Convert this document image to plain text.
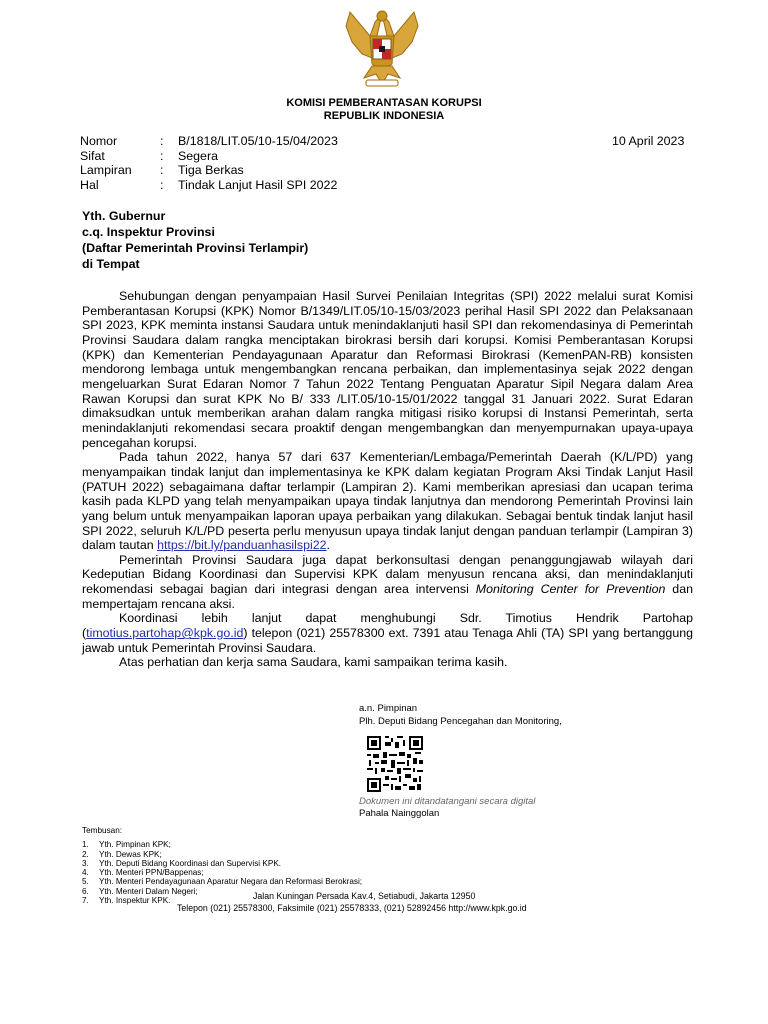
KOMISI PEMBERANTASAN KORUPSI
REPUBLIK INDONESIA
Nomor	:	B/1818/LIT.05/10-15/04/2023
Sifat	:	Segera
Lampiran	:	Tiga Berkas
Hal	:	Tindak Lanjut Hasil SPI 2022
10 April 2023
Yth. Gubernur
c.q. Inspektur Provinsi
(Daftar Pemerintah Provinsi Terlampir)
di Tempat

Sehubungan dengan penyampaian Hasil Survei Penilaian Integritas (SPI) 2022 melalui surat Komisi Pemberantasan Korupsi (KPK) Nomor B/1349/LIT.05/10-15/03/2023 perihal Hasil SPI 2022 dan Pelaksanaan SPI 2023, KPK meminta instansi Saudara untuk menindaklanjuti hasil SPI dan rekomendasinya di Pemerintah Provinsi Saudara dalam rangka menciptakan birokrasi bersih dari korupsi. Komisi Pemberantasan Korupsi (KPK) dan Kementerian Pendayagunaan Aparatur dan Reformasi Birokrasi (KemenPAN-RB) konsisten mendorong lembaga untuk mengembangkan rencana perbaikan, dan implementasinya sejak 2022 dengan mengeluarkan Surat Edaran Nomor 7 Tahun 2022 Tentang Penguatan Aparatur Sipil Negara dalam Area Rawan Korupsi dan surat KPK No B/ 333 /LIT.05/10-15/01/2022 tanggal 31 Januari 2022. Surat Edaran dimaksudkan untuk memberikan arahan dalam rangka mitigasi risiko korupsi di Instansi Pemerintah, serta menindaklanjuti rekomendasi secara proaktif dengan mengembangkan dan menyempurnakan upaya-upaya pencegahan korupsi.

Pada tahun 2022, hanya 57 dari 637 Kementerian/Lembaga/Pemerintah Daerah (K/L/PD) yang menyampaikan tindak lanjut dan implementasinya ke KPK dalam kegiatan Program Aksi Tindak Lanjut Hasil (PATUH 2022) sebagaimana daftar terlampir (Lampiran 2). Kami memberikan apresiasi dan ucapan terima kasih pada KLPD yang telah menyampaikan upaya tindak lanjutnya dan mendorong Pemerintah Provinsi lain yang belum untuk menyampaikan laporan upaya perbaikan yang dilakukan. Sebagai bentuk tindak lanjut hasil SPI 2022, seluruh K/L/PD peserta perlu menyusun upaya tindak lanjut dengan panduan terlampir (Lampiran 3) dalam tautan https://bit.ly/panduanhasilspi22.

Pemerintah Provinsi Saudara juga dapat berkonsultasi dengan penanggungjawab wilayah dari Kedeputian Bidang Koordinasi dan Supervisi KPK dalam menyusun rencana aksi, dan menindaklanjuti rekomendasi sebagai bagian dari integrasi dengan area intervensi Monitoring Center for Prevention dan mempertajam rencana aksi.

Koordinasi lebih lanjut dapat menghubungi Sdr. Timotius Hendrik Partohap (timotius.partohap@kpk.go.id) telepon (021) 25578300 ext. 7391 atau Tenaga Ahli (TA) SPI yang bertanggung jawab untuk Pemerintah Provinsi Saudara.

Atas perhatian dan kerja sama Saudara, kami sampaikan terima kasih.

a.n. Pimpinan
Plh. Deputi Bidang Pencegahan dan Monitoring,
Dokumen ini ditandatangani secara digital
Pahala Nainggolan
Tembusan:
1.	Yth. Pimpinan KPK;
2.	Yth. Dewas KPK;
3.	Yth. Deputi Bidang Koordinasi dan Supervisi KPK.
4.	Yth. Menteri PPN/Bappenas;
5.	Yth. Menteri Pendayagunaan Aparatur Negara dan Reformasi Berokrasi;
6.	Yth. Menteri Dalam Negeri;
7.	Yth. Inspektur KPK.	Jalan Kuningan Persada Kav.4, Setiabudi, Jakarta 12950
Telepon (021) 25578300, Faksimile (021) 25578333, (021) 52892456 http://www.kpk.go.id
